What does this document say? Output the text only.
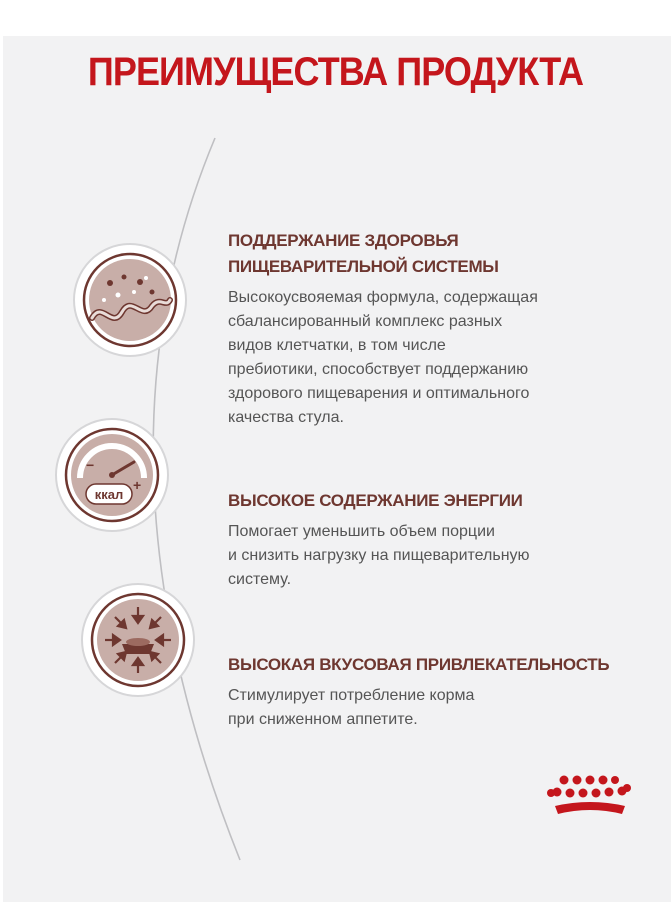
ПРЕИМУЩЕСТВА ПРОДУКТА
−
+
ккал
ПОДДЕРЖАНИЕ ЗДОРОВЬЯ
ПИЩЕВАРИТЕЛЬНОЙ СИСТЕМЫ
Высокоусвояемая формула, содержащая
сбалансированный комплекс разных
видов клетчатки, в том числе
пребиотики, способствует поддержанию
здорового пищеварения и оптимального
качества стула.
ВЫСОКОЕ СОДЕРЖАНИЕ ЭНЕРГИИ
Помогает уменьшить объем порции
и снизить нагрузку на пищеварительную
систему.
ВЫСОКАЯ ВКУСОВАЯ ПРИВЛЕКАТЕЛЬНОСТЬ
Стимулирует потребление корма
при сниженном аппетите.
